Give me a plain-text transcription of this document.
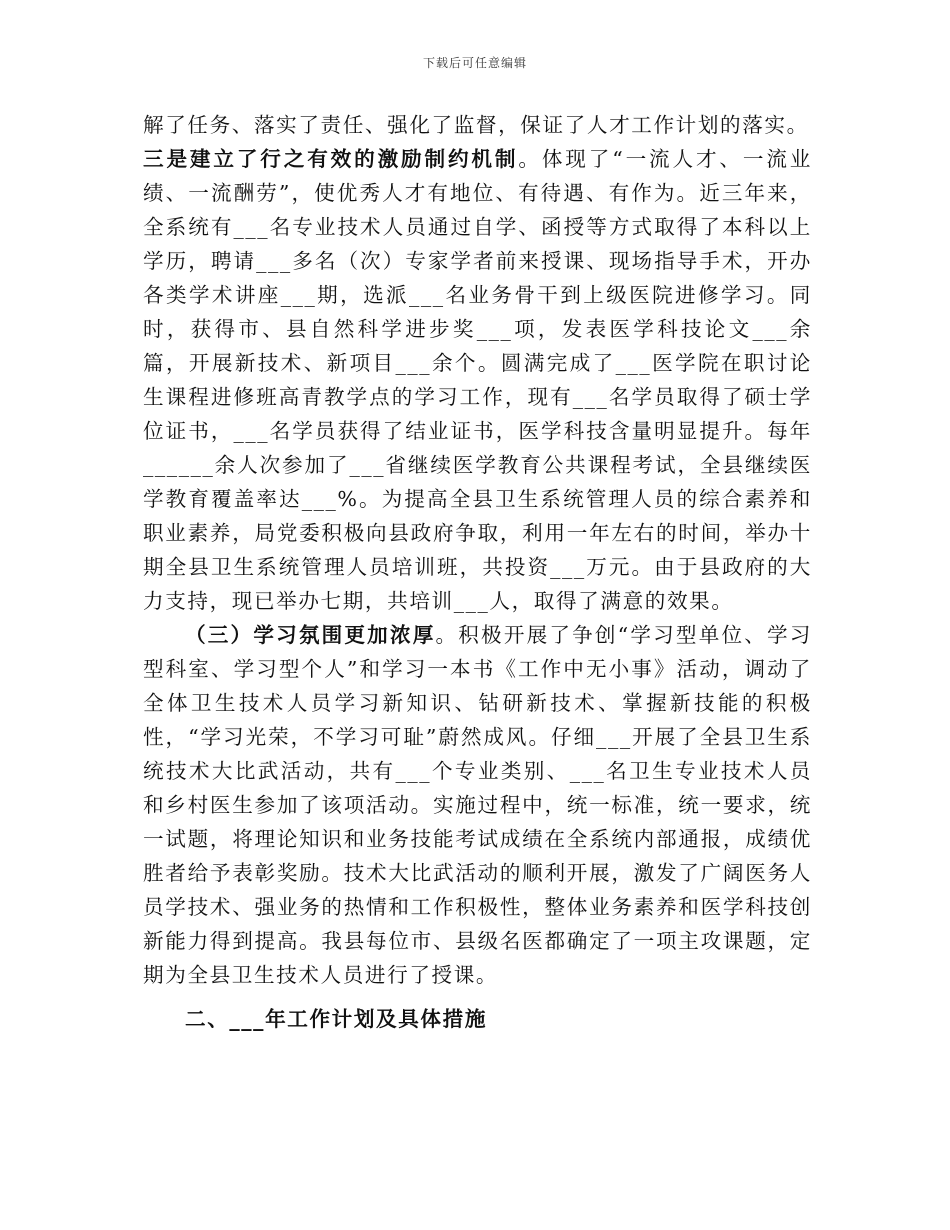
下载后可任意编辑

解了任务、落实了责任、强化了监督，保证了人才工作计划的落实。

三是建立了行之有效的激励制约机制。体现了“一流人才、一流业绩、一流酬劳”，使优秀人才有地位、有待遇、有作为。近三年来，全系统有___名专业技术人员通过自学、函授等方式取得了本科以上学历，聘请___多名（次）专家学者前来授课、现场指导手术，开办各类学术讲座___期，选派___名业务骨干到上级医院进修学习。同时，获得市、县自然科学进步奖___项，发表医学科技论文___余篇，开展新技术、新项目___余个。圆满完成了___医学院在职讨论生课程进修班高青教学点的学习工作，现有___名学员取得了硕士学位证书，___名学员获得了结业证书，医学科技含量明显提升。每年______余人次参加了___省继续医学教育公共课程考试，全县继续医学教育覆盖率达___%。为提高全县卫生系统管理人员的综合素养和职业素养，局党委积极向县政府争取，利用一年左右的时间，举办十期全县卫生系统管理人员培训班，共投资___万元。由于县政府的大力支持，现已举办七期，共培训___人，取得了满意的效果。

（三）学习氛围更加浓厚。积极开展了争创“学习型单位、学习型科室、学习型个人”和学习一本书《工作中无小事》活动，调动了全体卫生技术人员学习新知识、钻研新技术、掌握新技能的积极性，“学习光荣，不学习可耻”蔚然成风。仔细___开展了全县卫生系统技术大比武活动，共有___个专业类别、___名卫生专业技术人员和乡村医生参加了该项活动。实施过程中，统一标准，统一要求，统一试题，将理论知识和业务技能考试成绩在全系统内部通报，成绩优胜者给予表彰奖励。技术大比武活动的顺利开展，激发了广阔医务人员学技术、强业务的热情和工作积极性，整体业务素养和医学科技创新能力得到提高。我县每位市、县级名医都确定了一项主攻课题，定期为全县卫生技术人员进行了授课。

二、___年工作计划及具体措施
